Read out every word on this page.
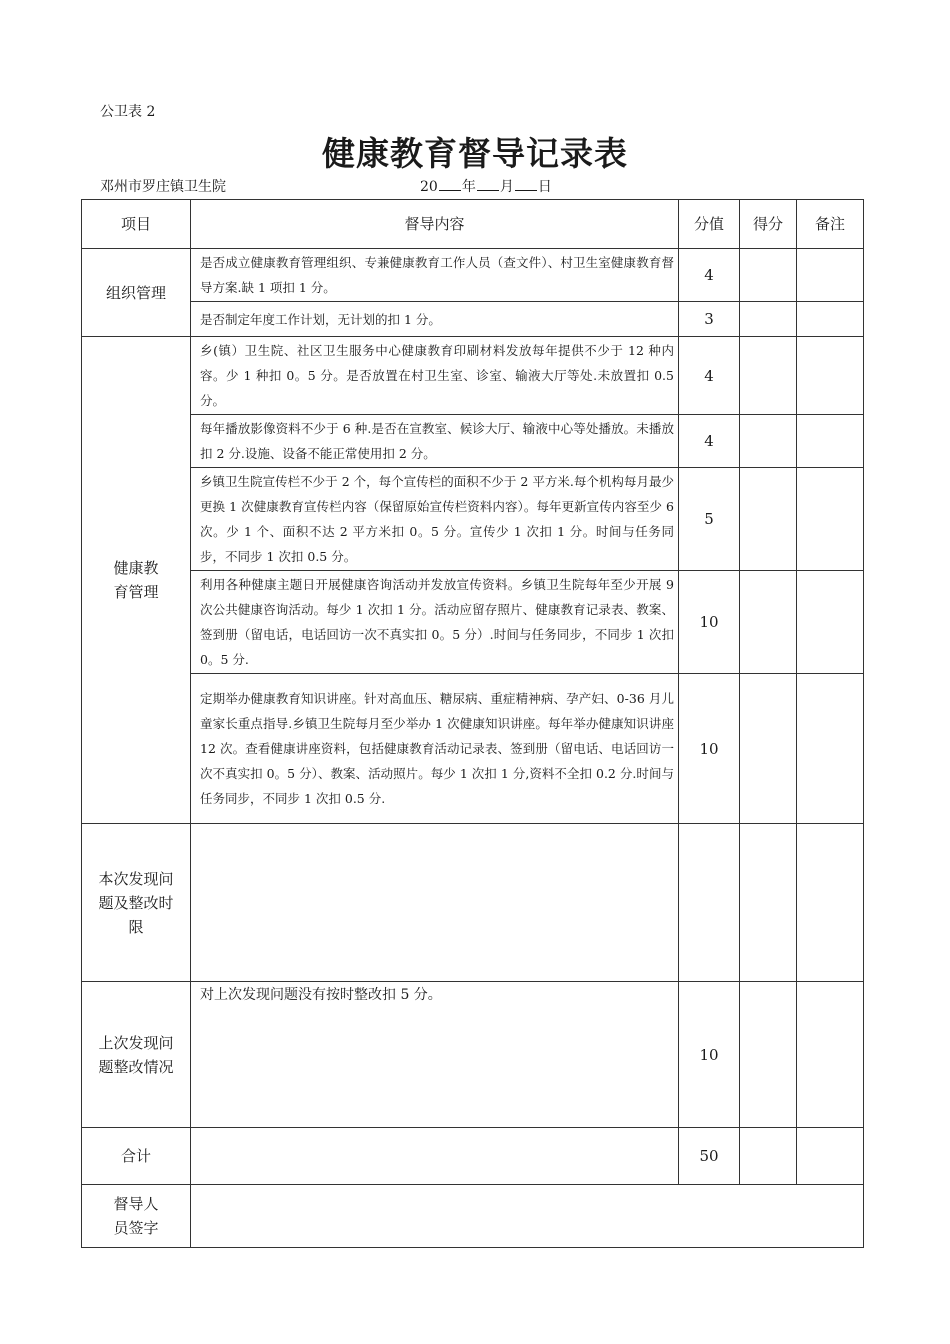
公卫表 2
健康教育督导记录表
邓州市罗庄镇卫生院	20 年 月 日
项目	督导内容	分值	得分	备注
组织管理	是否成立健康教育管理组织、专兼健康教育工作人员（查文件）、村卫生室健康教育督导方案.缺 1 项扣 1 分。	4		
	是否制定年度工作计划，无计划的扣 1 分。	3		

健康教
育管理	乡(镇）卫生院、社区卫生服务中心健康教育印刷材料发放每年提供不少于 12 种内容。少 1 种扣 0。5 分。是否放置在村卫生室、诊室、输液大厅等处.未放置扣 0.5 分。	4		
	每年播放影像资料不少于 6 种.是否在宣教室、候诊大厅、输液中心等处播放。未播放扣 2 分.设施、设备不能正常使用扣 2 分。	4		
	乡镇卫生院宣传栏不少于 2 个，每个宣传栏的面积不少于 2 平方米.每个机构每月最少更换 1 次健康教育宣传栏内容（保留原始宣传栏资料内容）。每年更新宣传内容至少 6 次。少 1 个、面积不达 2 平方米扣 0。5 分。宣传少 1 次扣 1 分。时间与任务同步，不同步 1 次扣 0.5 分。	5		
	利用各种健康主题日开展健康咨询活动并发放宣传资料。乡镇卫生院每年至少开展 9 次公共健康咨询活动。每少 1 次扣 1 分。活动应留存照片、健康教育记录表、教案、签到册（留电话，电话回访一次不真实扣 0。5 分）.时间与任务同步，不同步 1 次扣 0。5 分.	10		
	定期举办健康教育知识讲座。针对高血压、糖尿病、重症精神病、孕产妇、0-36 月儿童家长重点指导.乡镇卫生院每月至少举办 1 次健康知识讲座。每年举办健康知识讲座 12 次。查看健康讲座资料，包括健康教育活动记录表、签到册（留电话、电话回访一次不真实扣 0。5 分）、教案、活动照片。每少 1 次扣 1 分,资料不全扣 0.2 分.时间与任务同步，不同步 1 次扣 0.5 分.	10		

本次发现问
题及整改时
限				

上次发现问
题整改情况	对上次发现问题没有按时整改扣 5 分。	10		
合计		50		

督导人
员签字				
